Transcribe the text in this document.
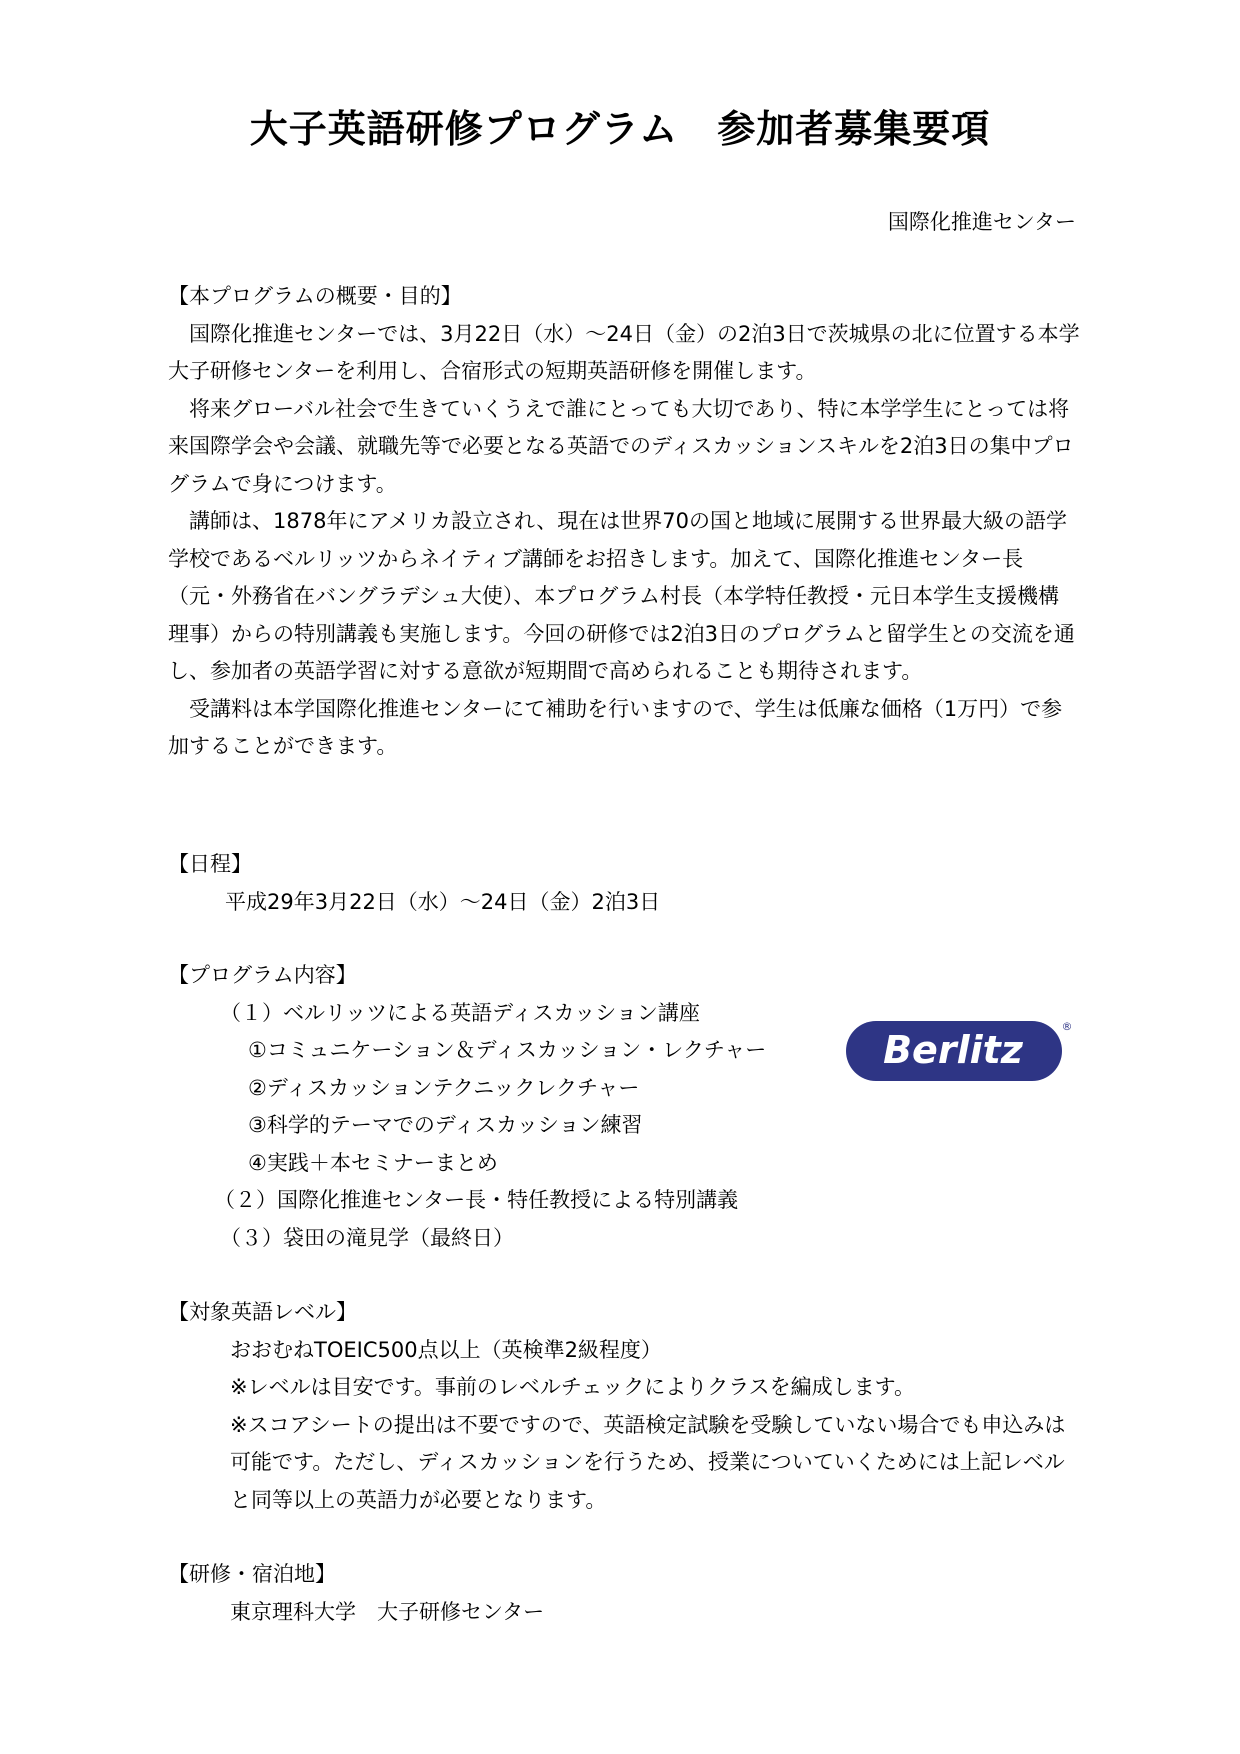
大子英語研修プログラム　参加者募集要項
国際化推進センター

【本プログラムの概要・目的】

国際化推進センターでは、3月22日（水）～24日（金）の2泊3日で茨城県の北に位置する本学大子研修センターを利用し、合宿形式の短期英語研修を開催します。

将来グローバル社会で生きていくうえで誰にとっても大切であり、特に本学学生にとっては将来国際学会や会議、就職先等で必要となる英語でのディスカッションスキルを2泊3日の集中プログラムで身につけます。

講師は、1878年にアメリカ設立され、現在は世界70の国と地域に展開する世界最大級の語学学校であるベルリッツからネイティブ講師をお招きします。加えて、国際化推進センター長（元・外務省在バングラデシュ大使）、本プログラム村長（本学特任教授・元日本学生支援機構理事）からの特別講義も実施します。今回の研修では2泊3日のプログラムと留学生との交流を通し、参加者の英語学習に対する意欲が短期間で高められることも期待されます。

受講料は本学国際化推進センターにて補助を行いますので、学生は低廉な価格（1万円）で参加することができます。

【日程】

平成29年3月22日（水）～24日（金）2泊3日

【プログラム内容】

（１）ベルリッツによる英語ディスカッション講座

①コミュニケーション＆ディスカッション・レクチャー

②ディスカッションテクニックレクチャー

③科学的テーマでのディスカッション練習

④実践＋本セミナーまとめ

（２）国際化推進センター長・特任教授による特別講義

（３）袋田の滝見学（最終日）

Berlitz
®

【対象英語レベル】

おおむねTOEIC500点以上（英検準2級程度）

※レベルは目安です。事前のレベルチェックによりクラスを編成します。

※スコアシートの提出は不要ですので、英語検定試験を受験していない場合でも申込みは可能です。ただし、ディスカッションを行うため、授業についていくためには上記レベルと同等以上の英語力が必要となります。

【研修・宿泊地】

東京理科大学　大子研修センター
